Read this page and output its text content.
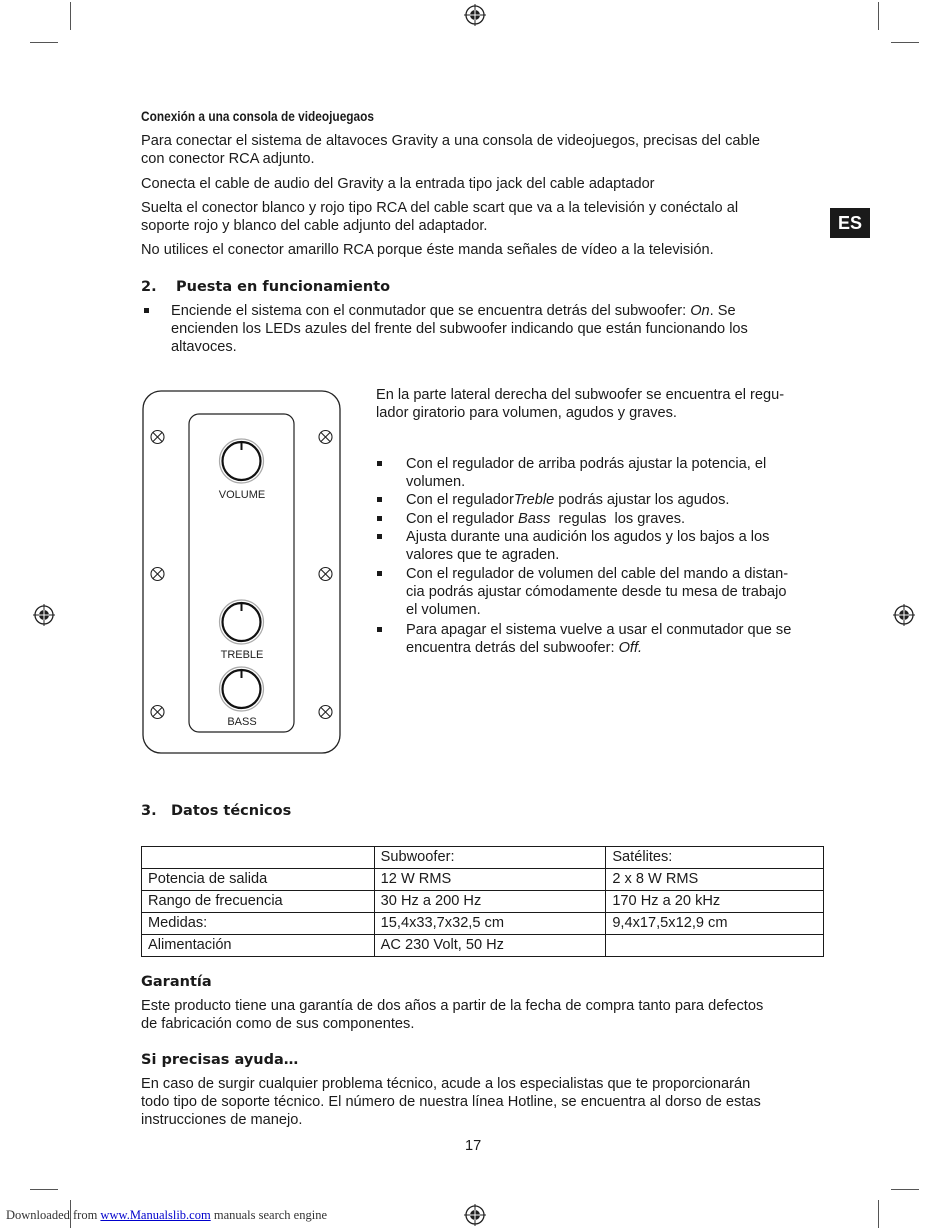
ES
Conexión a una consola de videojuegaos

Para conectar el sistema de altavoces Gravity a una consola de videojuegos, precisas del cable
con conector RCA adjunto.

Conecta el cable de audio del Gravity a la entrada tipo jack del cable adaptador

Suelta el conector blanco y rojo tipo RCA del cable scart que va a la televisión y conéctalo al
soporte rojo y blanco del cable adjunto del adaptador.

No utilices el conector amarillo RCA porque éste manda señales de vídeo a la televisión.

2. Puesta en funcionamiento

Enciende el sistema con el conmutador que se encuentra detrás del subwoofer: On. Se
encienden los LEDs azules del frente del subwoofer indicando que están funcionando los
altavoces.

VOLUME
TREBLE
BASS

En la parte lateral derecha del subwoofer se encuentra el regu-
lador giratorio para volumen, agudos y graves.

Con el regulador de arriba podrás ajustar la potencia, el
volumen.

Con el reguladorTreble podrás ajustar los agudos.

Con el regulador Bass  regulas  los graves.

Ajusta durante una audición los agudos y los bajos a los
valores que te agraden.

Con el regulador de volumen del cable del mando a distan-
cia podrás ajustar cómodamente desde tu mesa de trabajo
el volumen.

Para apagar el sistema vuelve a usar el conmutador que se
encuentra detrás del subwoofer: Off.

3. Datos técnicos
	Subwoofer:	Satélites:
Potencia de salida	12 W RMS	2 x 8 W RMS
Rango de frecuencia	30 Hz a 200 Hz	170 Hz a 20 kHz
Medidas:	15,4x33,7x32,5 cm	9,4x17,5x12,9 cm
Alimentación	AC 230 Volt, 50 Hz	
Garantía

Este producto tiene una garantía de dos años a partir de la fecha de compra tanto para defectos
de fabricación como de sus componentes.

Si precisas ayuda…

En caso de surgir cualquier problema técnico, acude a los especialistas que te proporcionarán
todo tipo de soporte técnico. El número de nuestra línea Hotline, se encuentra al dorso de estas
instrucciones de manejo.

17
Downloaded from www.Manualslib.com manuals search engine
